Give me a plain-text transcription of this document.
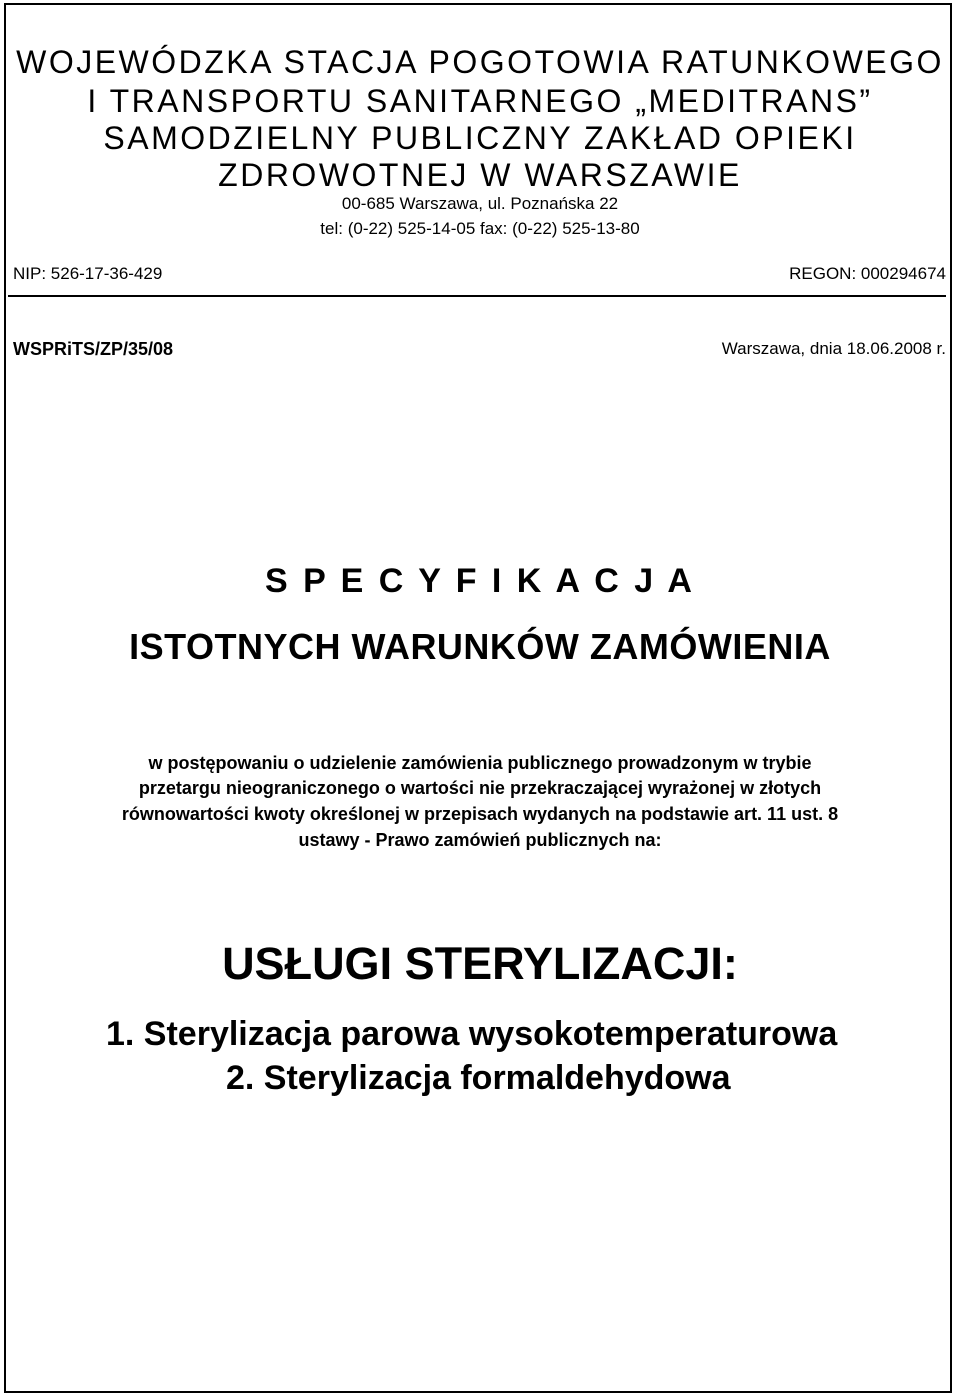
WOJEWÓDZKA STACJA POGOTOWIA RATUNKOWEGO
I TRANSPORTU SANITARNEGO „MEDITRANS”
SAMODZIELNY PUBLICZNY ZAKŁAD OPIEKI
ZDROWOTNEJ W WARSZAWIE
00-685 Warszawa, ul. Poznańska 22
tel: (0-22) 525-14-05 fax: (0-22) 525-13-80
NIP: 526-17-36-429	REGON: 000294674
WSPRiTS/ZP/35/08	Warszawa, dnia 18.06.2008 r.
S P E C Y F I K A C J A
ISTOTNYCH WARUNKÓW ZAMÓWIENIA
w postępowaniu o udzielenie zamówienia publicznego prowadzonym w trybie
przetargu nieograniczonego o wartości nie przekraczającej wyrażonej w złotych
równowartości kwoty określonej w przepisach wydanych na podstawie art. 11 ust. 8
ustawy - Prawo zamówień publicznych na:
USŁUGI STERYLIZACJI:
1. Sterylizacja parowa wysokotemperaturowa
2. Sterylizacja formaldehydowa
